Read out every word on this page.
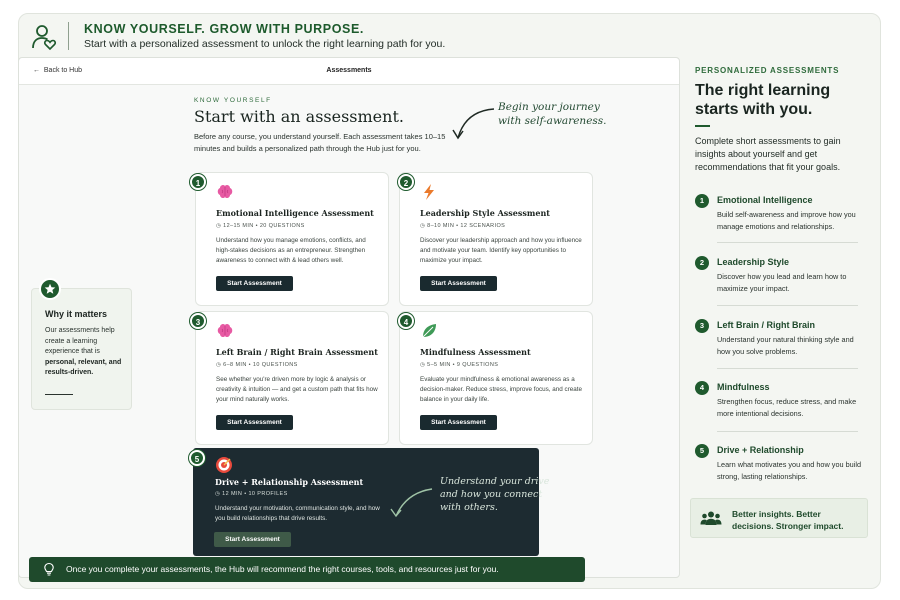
KNOW YOURSELF. GROW WITH PURPOSE.
Start with a personalized assessment to unlock the right learning path for you.
← Back to Hub	Assessments
KNOW YOURSELF
Start with an assessment.
Before any course, you understand yourself. Each assessment takes 10–15 minutes and builds a personalized path through the Hub just for you.
Begin your journey
with self-awareness.
Emotional Intelligence Assessment
◷ 12–15 MIN • 20 QUESTIONS
Understand how you manage emotions, conflicts, and high-stakes decisions as an entrepreneur. Strengthen awareness to connect with & lead others well.
Start Assessment
1
Leadership Style Assessment
◷ 8–10 MIN • 12 SCENARIOS
Discover your leadership approach and how you influence and motivate your team. Identify key opportunities to maximize your impact.
Start Assessment
2
Left Brain / Right Brain Assessment
◷ 6–8 MIN • 10 QUESTIONS
See whether you're driven more by logic & analysis or creativity & intuition — and get a custom path that fits how your mind naturally works.
Start Assessment
3
Mindfulness Assessment
◷ 5–5 MIN • 9 QUESTIONS
Evaluate your mindfulness & emotional awareness as a decision-maker. Reduce stress, improve focus, and create balance in your daily life.
Start Assessment
4
Drive + Relationship Assessment
◷ 12 MIN • 10 PROFILES
Understand your motivation, communication style, and how you build relationships that drive results.
Start Assessment
5
Understand your drive
and how you connect
with others.
Why it matters
Our assessments help create a learning experience that is personal, relevant, and results-driven.
Once you complete your assessments, the Hub will recommend the right courses, tools, and resources just for you.
PERSONALIZED ASSESSMENTS
The right learning starts with you.
Complete short assessments to gain insights about yourself and get recommendations that fit your goals.
1	Emotional Intelligence
Build self-awareness and improve how you manage emotions and relationships.
2	Leadership Style
Discover how you lead and learn how to maximize your impact.
3	Left Brain / Right Brain
Understand your natural thinking style and how you solve problems.
4	Mindfulness
Strengthen focus, reduce stress, and make more intentional decisions.
5	Drive + Relationship
Learn what motivates you and how you build strong, lasting relationships.
Better insights. Better decisions. Stronger impact.
